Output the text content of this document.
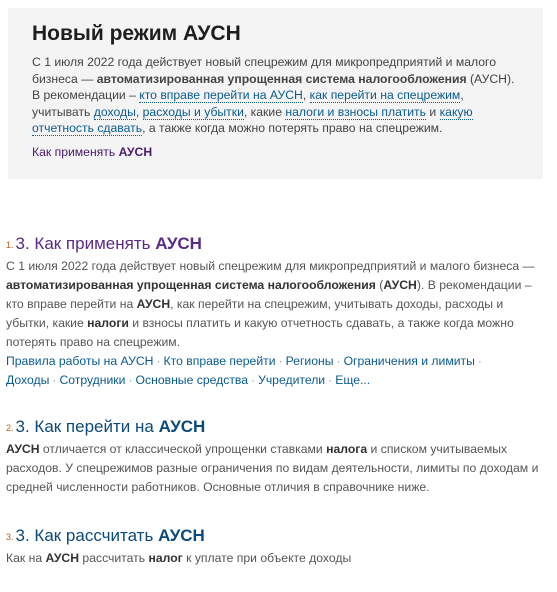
Новый режим АУСН
С 1 июля 2022 года действует новый спецрежим для микропредприятий и малого бизнеса — автоматизированная упрощенная система налогообложения (АУСН).
В рекомендации – кто вправе перейти на АУСН, как перейти на спецрежим,
учитывать доходы, расходы и убытки, какие налоги и взносы платить и какую отчетность сдавать, а также когда можно потерять право на спецрежим.
Как применять АУСН
1. 3. Как применять АУСН
С 1 июля 2022 года действует новый спецрежим для микропредприятий и малого бизнеса — автоматизированная упрощенная система налогообложения (АУСН). В рекомендации – кто вправе перейти на АУСН, как перейти на спецрежим, учитывать доходы, расходы и убытки, какие налоги и взносы платить и какую отчетность сдавать, а также когда можно потерять право на спецрежим.
Правила работы на АУСН · Кто вправе перейти · Регионы · Ограничения и лимиты ·
Доходы · Сотрудники · Основные средства · Учредители · Еще...
2. 3. Как перейти на АУСН
АУСН отличается от классической упрощенки ставками налога и списком учитываемых расходов. У спецрежимов разные ограничения по видам деятельности, лимиты по доходам и средней численности работников. Основные отличия в справочнике ниже.
3. 3. Как рассчитать АУСН
Как на АУСН рассчитать налог к уплате при объекте доходы
